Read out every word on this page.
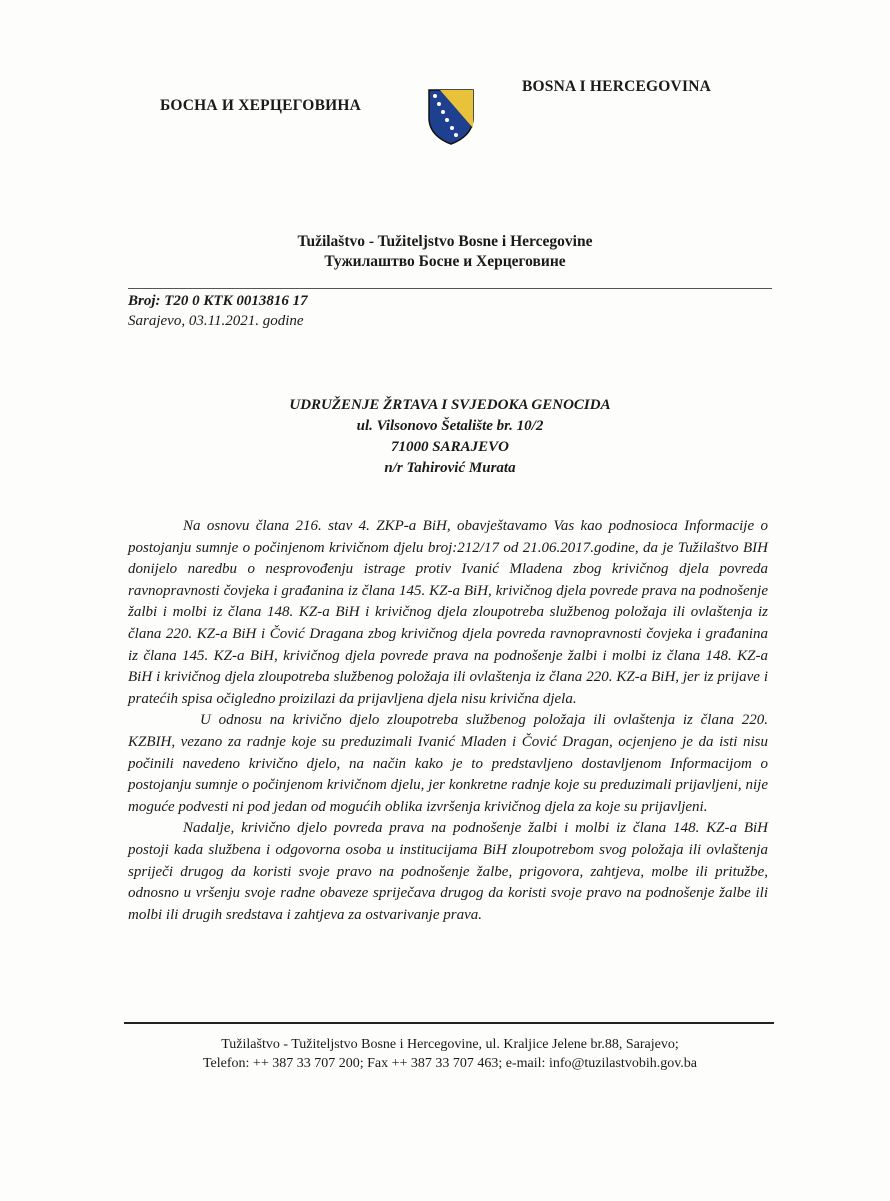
БОСНА И ХЕРЦЕГОВИНА
BOSNA I HERCEGOVINA
Tužilaštvo - Tužiteljstvo Bosne i Hercegovine
Тужилаштво Босне и Херцеговине
Broj: T20 0 KTK 0013816 17
Sarajevo, 03.11.2021. godine
UDRUŽENJE ŽRTAVA I SVJEDOKA GENOCIDA
ul. Vilsonovo Šetalište br. 10/2
71000 SARAJEVO
n/r Tahirović Murata

Na osnovu člana 216. stav 4. ZKP-a BiH, obavještavamo Vas kao podnosioca Informacije o postojanju sumnje o počinjenom krivičnom djelu broj:212/17 od 21.06.2017.godine, da je Tužilaštvo BIH donijelo naredbu o nesprovođenju istrage protiv Ivanić Mladena zbog krivičnog djela povreda ravnopravnosti čovjeka i građanina iz člana 145. KZ-a BiH, krivičnog djela povrede prava na podnošenje žalbi i molbi iz člana 148. KZ-a BiH i krivičnog djela zloupotreba službenog položaja ili ovlaštenja iz člana 220. KZ-a BiH i Čović Dragana zbog krivičnog djela povreda ravnopravnosti čovjeka i građanina iz člana 145. KZ-a BiH, krivičnog djela povrede prava na podnošenje žalbi i molbi iz člana 148. KZ-a BiH i krivičnog djela zloupotreba službenog položaja ili ovlaštenja iz člana 220. KZ-a BiH, jer iz prijave i pratećih spisa očigledno proizilazi da prijavljena djela nisu krivična djela.

U odnosu na krivično djelo zloupotreba službenog položaja ili ovlaštenja iz člana 220. KZBIH, vezano za radnje koje su preduzimali Ivanić Mladen i Čović Dragan, ocjenjeno je da isti nisu počinili navedeno krivično djelo, na način kako je to predstavljeno dostavljenom Informacijom o postojanju sumnje o počinjenom krivičnom djelu, jer konkretne radnje koje su preduzimali prijavljeni, nije moguće podvesti ni pod jedan od mogućih oblika izvršenja krivičnog djela za koje su prijavljeni.

Nadalje, krivično djelo povreda prava na podnošenje žalbi i molbi iz člana 148. KZ-a BiH postoji kada službena i odgovorna osoba u institucijama BiH zloupotrebom svog položaja ili ovlaštenja spriječi drugog da koristi svoje pravo na podnošenje žalbe, prigovora, zahtjeva, molbe ili pritužbe, odnosno u vršenju svoje radne obaveze spriječava drugog da koristi svoje pravo na podnošenje žalbe ili molbi ili drugih sredstava i zahtjeva za ostvarivanje prava.

Tužilaštvo - Tužiteljstvo Bosne i Hercegovine, ul. Kraljice Jelene br.88, Sarajevo;
Telefon: ++ 387 33 707 200; Fax ++ 387 33 707 463; e-mail: info@tuzilastvobih.gov.ba
